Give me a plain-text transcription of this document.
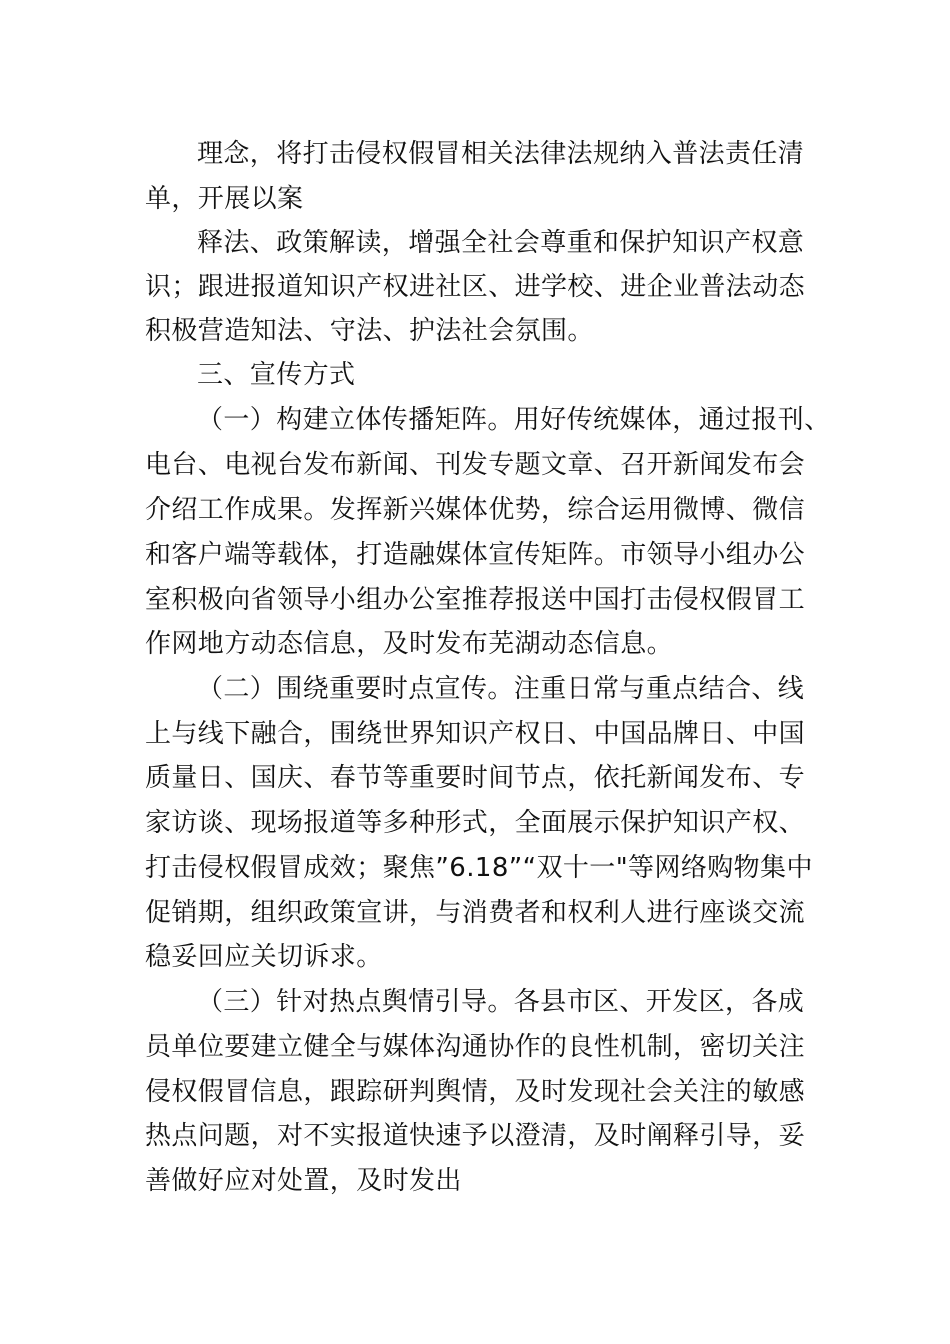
理念，将打击侵权假冒相关法律法规纳入普法责任清

单，开展以案

释法、政策解读，增强全社会尊重和保护知识产权意

识；跟进报道知识产权进社区、进学校、进企业普法动态

积极营造知法、守法、护法社会氛围。

三、宣传方式

（一）构建立体传播矩阵。用好传统媒体，通过报刊、

电台、电视台发布新闻、刊发专题文章、召开新闻发布会

介绍工作成果。发挥新兴媒体优势，综合运用微博、微信

和客户端等载体，打造融媒体宣传矩阵。市领导小组办公

室积极向省领导小组办公室推荐报送中国打击侵权假冒工

作网地方动态信息，及时发布芜湖动态信息。

（二）围绕重要时点宣传。注重日常与重点结合、线

上与线下融合，围绕世界知识产权日、中国品牌日、中国

质量日、国庆、春节等重要时间节点，依托新闻发布、专

家访谈、现场报道等多种形式，全面展示保护知识产权、

打击侵权假冒成效；聚焦”6.18”“双十一"等网络购物集中

促销期，组织政策宣讲，与消费者和权利人进行座谈交流

稳妥回应关切诉求。

（三）针对热点舆情引导。各县市区、开发区，各成

员单位要建立健全与媒体沟通协作的良性机制，密切关注

侵权假冒信息，跟踪研判舆情，及时发现社会关注的敏感

热点问题，对不实报道快速予以澄清，及时阐释引导，妥

善做好应对处置，及时发出
